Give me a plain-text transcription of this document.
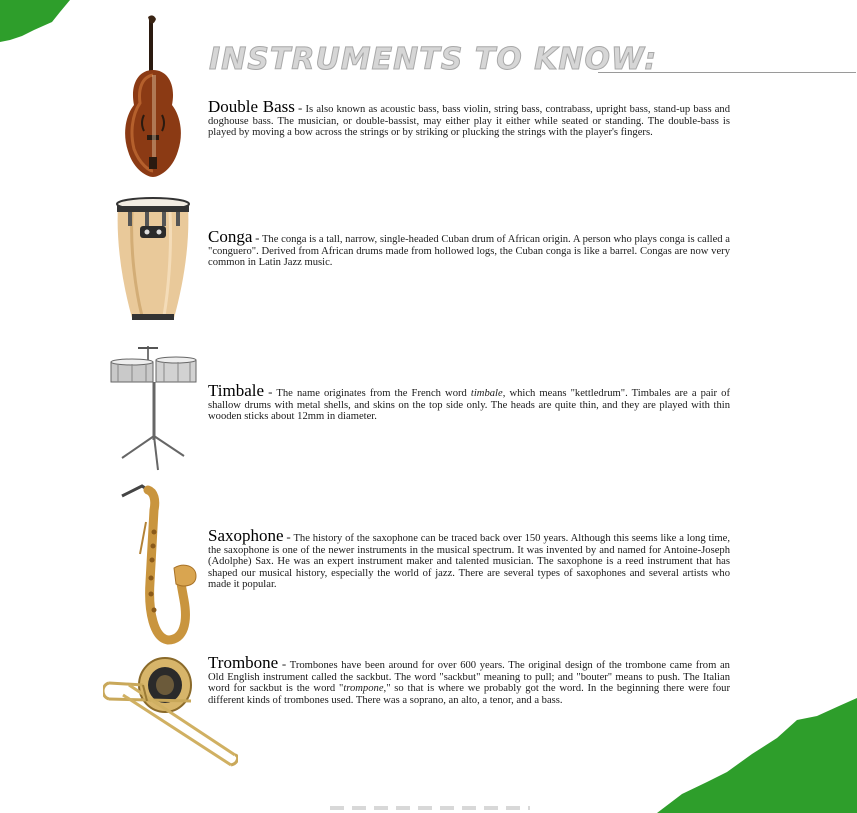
INSTRUMENTS TO KNOW:
Double Bass - Is also known as acoustic bass, bass violin, string bass, contrabass, upright bass, stand-up bass and doghouse bass. The musician, or double-bassist, may either play it either while seated or standing. The double-bass is played by moving a bow across the strings or by striking or plucking the strings with the player's fingers.
Conga - The conga is a tall, narrow, single-headed Cuban drum of African origin. A person who plays conga is called a "conguero". Derived from African drums made from hollowed logs, the Cuban conga is like a barrel. Congas are now very common in Latin Jazz music.
Timbale - The name originates from the French word timbale, which means "kettledrum". Timbales are a pair of shallow drums with metal shells, and skins on the top side only. The heads are quite thin, and they are played with thin wooden sticks about 12mm in diameter.
Saxophone - The history of the saxophone can be traced back over 150 years. Although this seems like a long time, the saxophone is one of the newer instruments in the musical spectrum. It was invented by and named for Antoine-Joseph (Adolphe) Sax. He was an expert instrument maker and talented musician. The saxophone is a reed instrument that has shaped our musical history, especially the world of jazz. There are several types of saxophones and several artists who made it popular.
Trombone - Trombones have been around for over 600 years. The original design of the trombone came from an Old English instrument called the sackbut. The word "sackbut" meaning to pull; and "bouter" means to push. The Italian word for sackbut is the word "trompone," so that is where we probably got the word. In the beginning there were four different kinds of trombones used. There was a soprano, an alto, a tenor, and a bass.
